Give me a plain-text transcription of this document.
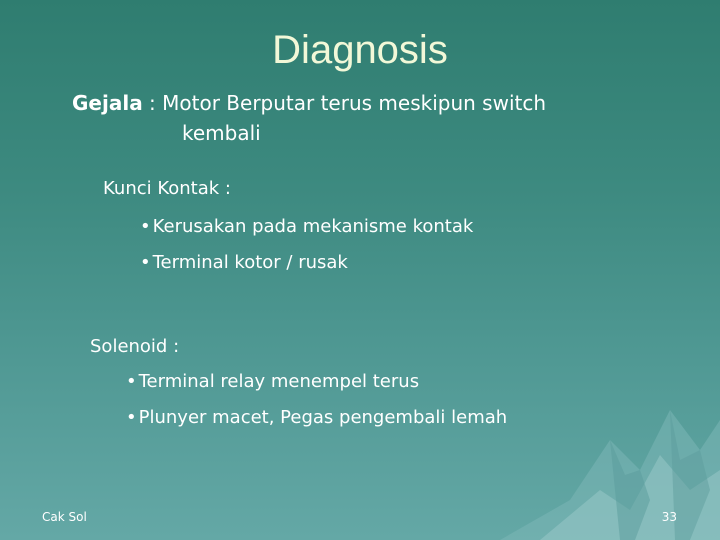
Diagnosis
Gejala : Motor Berputar terus meskipun switch
kembali
Kunci Kontak :
• Kerusakan pada mekanisme kontak
• Terminal kotor / rusak
Solenoid :
• Terminal relay menempel terus
• Plunyer macet, Pegas pengembali lemah
Cak Sol	33
